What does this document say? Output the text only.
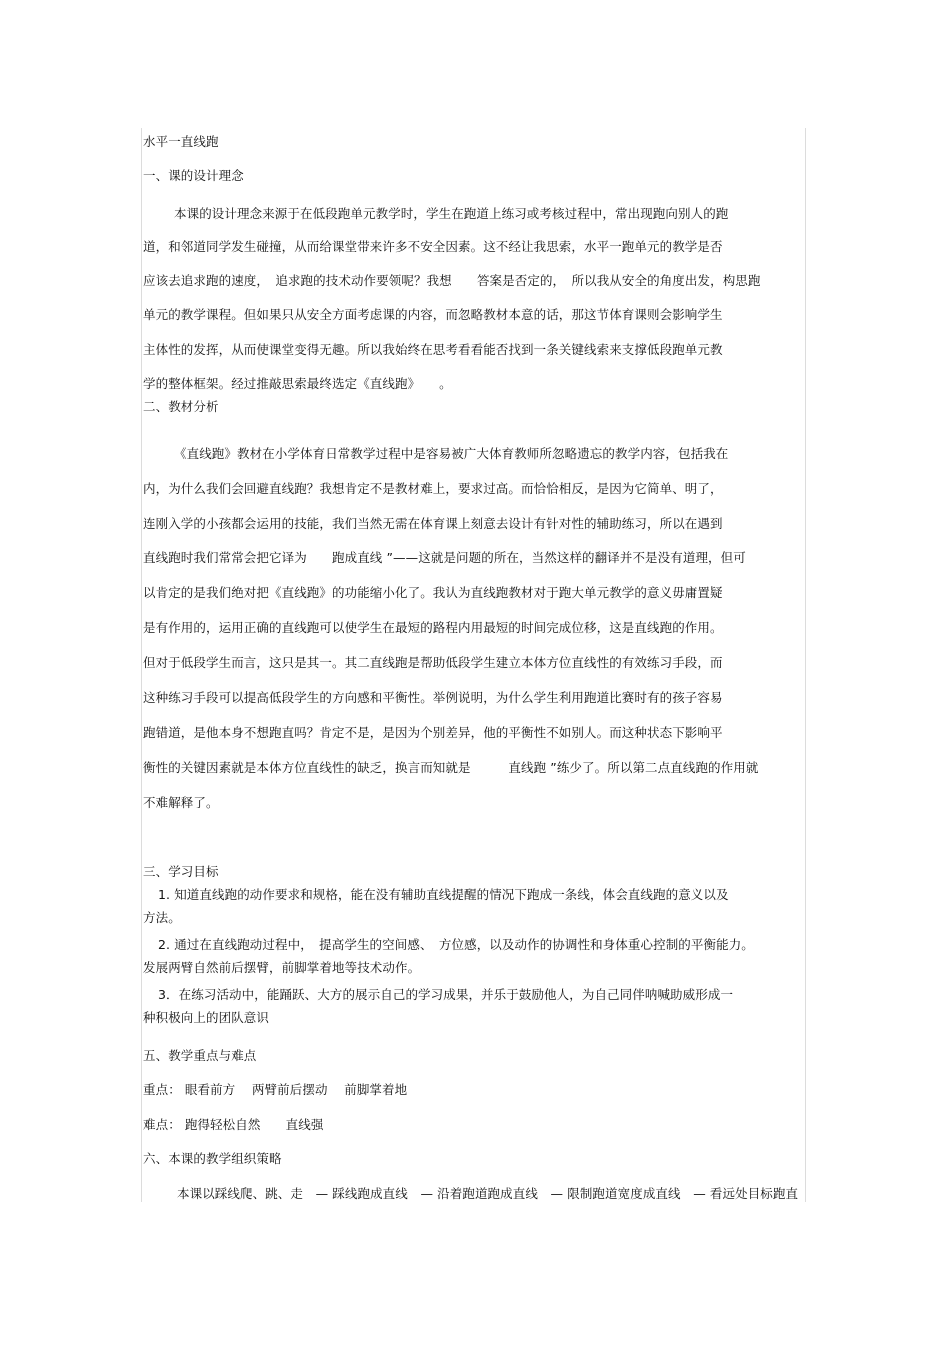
水平一直线跑
一、课的设计理念
本课的设计理念来源于在低段跑单元教学时，学生在跑道上练习或考核过程中，常出现跑向别人的跑
道，和邻道同学发生碰撞，从而给课堂带来许多不安全因素。这不经让我思索，水平一跑单元的教学是否
应该去追求跑的速度，　追求跑的技术动作要领呢？我想　　答案是否定的，　所以我从安全的角度出发，构思跑
单元的教学课程。但如果只从安全方面考虑课的内容，而忽略教材本意的话，那这节体育课则会影响学生
主体性的发挥，从而使课堂变得无趣。所以我始终在思考看看能否找到一条关键线索来支撑低段跑单元教
学的整体框架。经过推敲思索最终选定《直线跑》　　。
二、教材分析
《直线跑》教材在小学体育日常教学过程中是容易被广大体育教师所忽略遗忘的教学内容，包括我在
内，为什么我们会回避直线跑？我想肯定不是教材难上，要求过高。而恰恰相反，是因为它简单、明了，
连刚入学的小孩都会运用的技能，我们当然无需在体育课上刻意去设计有针对性的辅助练习，所以在遇到
直线跑时我们常常会把它译为　　跑成直线 ”——这就是问题的所在，当然这样的翻译并不是没有道理，但可
以肯定的是我们绝对把《直线跑》的功能缩小化了。我认为直线跑教材对于跑大单元教学的意义毋庸置疑
是有作用的，运用正确的直线跑可以使学生在最短的路程内用最短的时间完成位移，这是直线跑的作用。
但对于低段学生而言，这只是其一。其二直线跑是帮助低段学生建立本体方位直线性的有效练习手段，而
这种练习手段可以提高低段学生的方向感和平衡性。举例说明，为什么学生利用跑道比赛时有的孩子容易
跑错道，是他本身不想跑直吗？肯定不是，是因为个别差异，他的平衡性不如别人。而这种状态下影响平
衡性的关键因素就是本体方位直线性的缺乏，换言而知就是　　　直线跑 ”练少了。所以第二点直线跑的作用就
不难解释了。
三、学习目标
1. 知道直线跑的动作要求和规格，能在没有辅助直线提醒的情况下跑成一条线，体会直线跑的意义以及
方法。
2. 通过在直线跑动过程中，　提高学生的空间感、　方位感，以及动作的协调性和身体重心控制的平衡能力。
发展两臂自然前后摆臂，前脚掌着地等技术动作。
3．在练习活动中，能踊跃、大方的展示自己的学习成果，并乐于鼓励他人，为自己同伴呐喊助威形成一
种积极向上的团队意识
五、教学重点与难点
重点： 眼看前方　 两臂前后摆动　 前脚掌着地
难点： 跑得轻松自然　　直线强
六、本课的教学组织策略
本课以踩线爬、跳、走　— 踩线跑成直线　— 沿着跑道跑成直线　— 限制跑道宽度成直线　— 看远处目标跑直
